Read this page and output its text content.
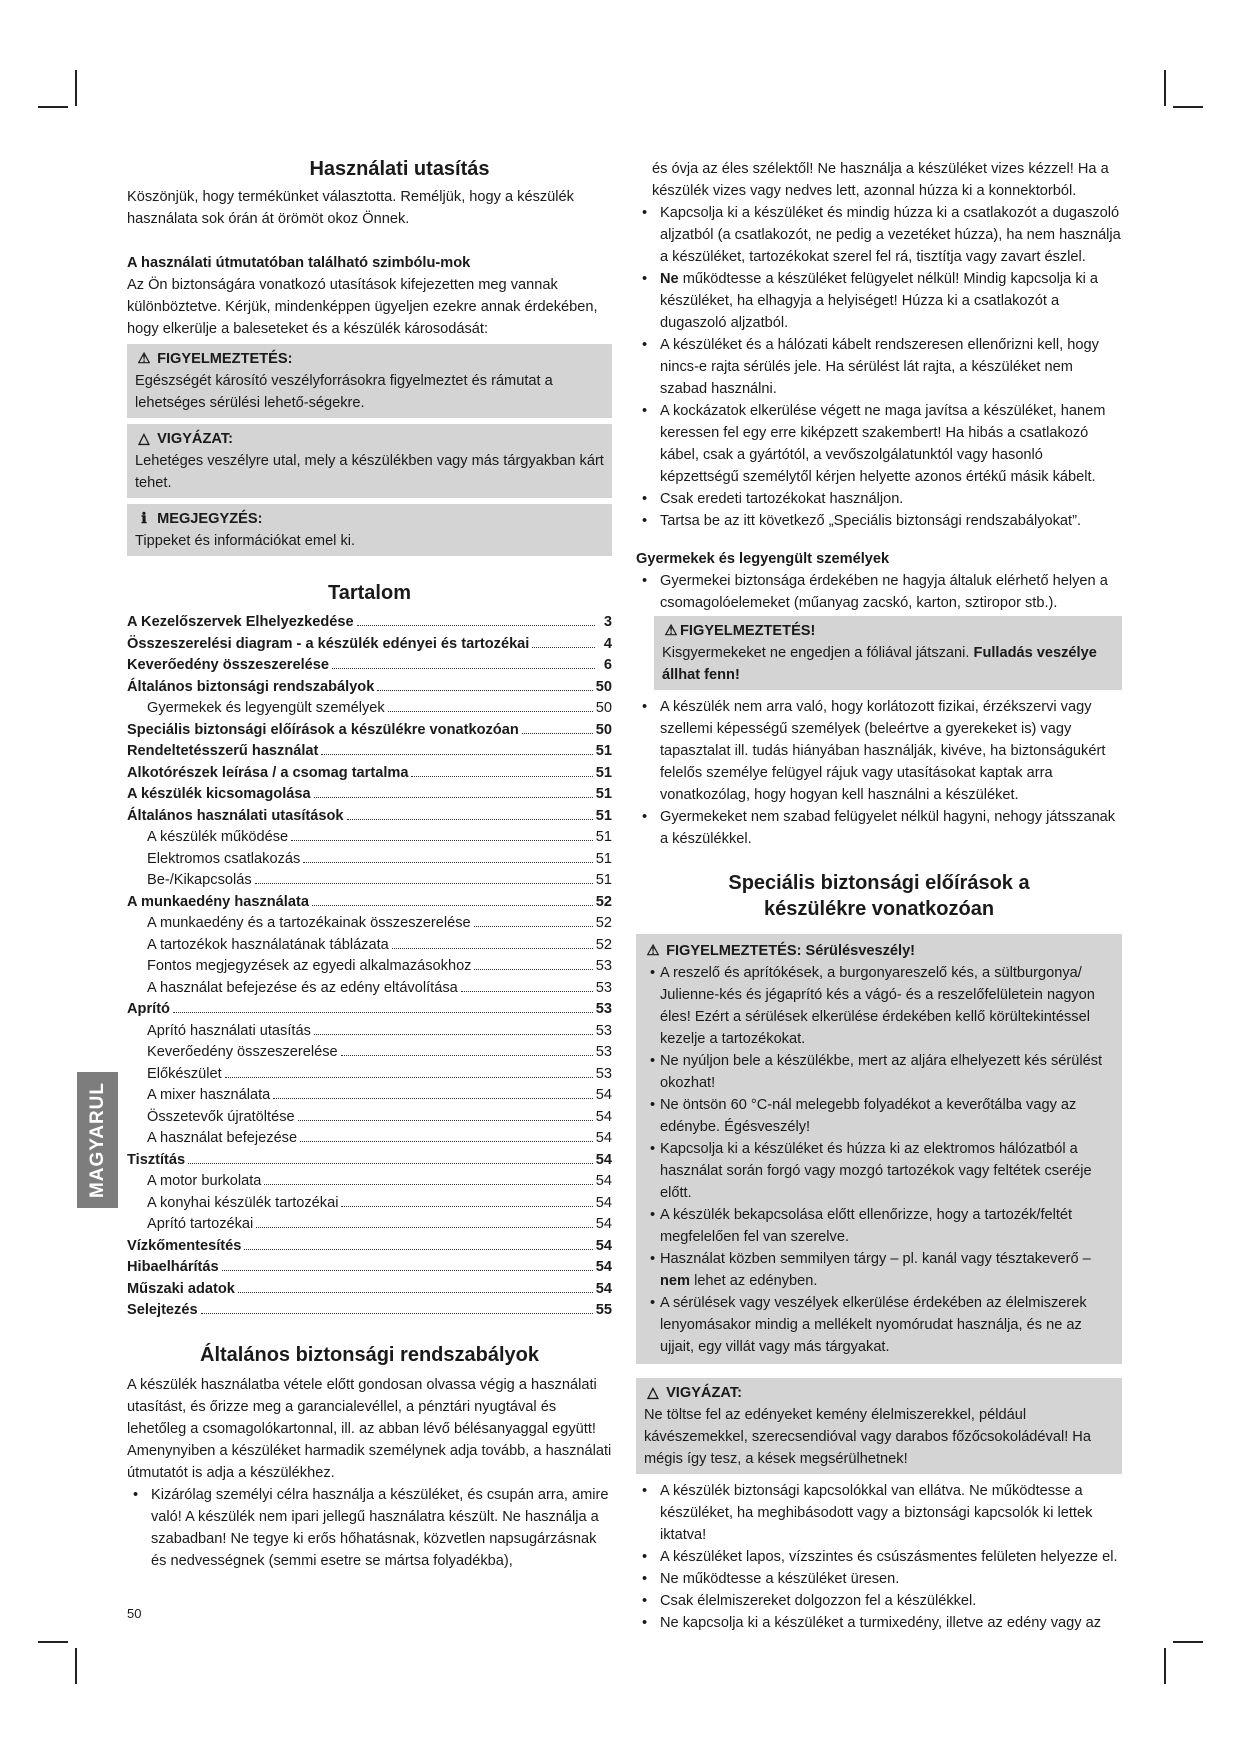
MAGYARUL
Használati utasítás

Köszönjük, hogy termékünket választotta. Reméljük, hogy a készülék használata sok órán át örömöt okoz Önnek.

A használati útmutatóban található szimbólu-mok

Az Ön biztonságára vonatkozó utasítások kifejezetten meg vannak különböztetve. Kérjük, mindenképpen ügyeljen ezekre annak érdekében, hogy elkerülje a baleseteket és a készülék károsodását:

⚠ FIGYELMEZTETÉS:
Egészségét károsító veszélyforrásokra figyelmeztet és rámutat a lehetséges sérülési lehető-ségekre.
△ VIGYÁZAT:
Lehetéges veszélyre utal, mely a készülékben vagy más tárgyakban kárt tehet.
ℹ MEGJEGYZÉS:
Tippeket és információkat emel ki.
Tartalom
A Kezelőszervek Elhelyezkedése	3
Összeszerelési diagram - a készülék edényei és tartozékai	4
Keverőedény összeszerelése	6
Általános biztonsági rendszabályok	50
Gyermekek és legyengült személyek	50
Speciális biztonsági előírások a készülékre vonatkozóan	50
Rendeltetésszerű használat	51
Alkotórészek leírása / a csomag tartalma	51
A készülék kicsomagolása	51
Általános használati utasítások	51
A készülék működése	51
Elektromos csatlakozás	51
Be-/Kikapcsolás	51
A munkaedény használata	52
A munkaedény és a tartozékainak összeszerelése	52
A tartozékok használatának táblázata	52
Fontos megjegyzések az egyedi alkalmazásokhoz	53
A használat befejezése és az edény eltávolítása	53
Aprító	53
Aprító használati utasítás	53
Keverőedény összeszerelése	53
Előkészület	53
A mixer használata	54
Összetevők újratöltése	54
A használat befejezése	54
Tisztítás	54
A motor burkolata	54
A konyhai készülék tartozékai	54
Aprító tartozékai	54
Vízkőmentesítés	54
Hibaelhárítás	54
Műszaki adatok	54
Selejtezés	55
Általános biztonsági rendszabályok

A készülék használatba vétele előtt gondosan olvassa végig a használati utasítást, és őrizze meg a garancialevéllel, a pénztári nyugtával és lehetőleg a csomagolókartonnal, ill. az abban lévő bélésanyaggal együtt! Amenynyiben a készüléket harmadik személynek adja tovább, a használati útmutatót is adja a készülékhez.

• Kizárólag személyi célra használja a készüléket, és csupán arra, amire való! A készülék nem ipari jellegű használatra készült. Ne használja a szabadban! Ne tegye ki erős hőhatásnak, közvetlen napsugárzásnak és nedvességnek (semmi esetre se mártsa folyadékba),

és óvja az éles szélektől! Ne használja a készüléket vizes kézzel! Ha a készülék vizes vagy nedves lett, azonnal húzza ki a konnektorból.

• Kapcsolja ki a készüléket és mindig húzza ki a csatlakozót a dugaszoló aljzatból (a csatlakozót, ne pedig a vezetéket húzza), ha nem használja a készüléket, tartozékokat szerel fel rá, tisztítja vagy zavart észlel.

• Ne működtesse a készüléket felügyelet nélkül! Mindig kapcsolja ki a készüléket, ha elhagyja a helyiséget! Húzza ki a csatlakozót a dugaszoló aljzatból.

• A készüléket és a hálózati kábelt rendszeresen ellenőrizni kell, hogy nincs-e rajta sérülés jele. Ha sérülést lát rajta, a készüléket nem szabad használni.

• A kockázatok elkerülése végett ne maga javítsa a készüléket, hanem keressen fel egy erre kiképzett szakembert! Ha hibás a csatlakozó kábel, csak a gyártótól, a vevőszolgálatunktól vagy hasonló képzettségű személytől kérjen helyette azonos értékű másik kábelt.

• Csak eredeti tartozékokat használjon.

• Tartsa be az itt következő „Speciális biztonsági rendszabályokat”.

Gyermekek és legyengült személyek

• Gyermekei biztonsága érdekében ne hagyja általuk elérhető helyen a csomagolóelemeket (műanyag zacskó, karton, sztiropor stb.).

⚠ FIGYELMEZTETÉS!
Kisgyermekeket ne engedjen a fóliával játszani. Fulladás veszélye állhat fenn!

• A készülék nem arra való, hogy korlátozott fizikai, érzékszervi vagy szellemi képességű személyek (beleértve a gyerekeket is) vagy tapasztalat ill. tudás hiányában használják, kivéve, ha biztonságukért felelős személye felügyel rájuk vagy utasításokat kaptak arra vonatkozólag, hogy hogyan kell használni a készüléket.

• Gyermekeket nem szabad felügyelet nélkül hagyni, nehogy játsszanak a készülékkel.

Speciális biztonsági előírások a készülékre vonatkozóan
⚠ FIGYELMEZTETÉS: Sérülésveszély!

• A reszelő és aprítókések, a burgonyareszelő kés, a sültburgonya/ Julienne-kés és jégaprító kés a vágó- és a reszelőfelületein nagyon éles! Ezért a sérülések elkerülése érdekében kellő körültekintéssel kezelje a tartozékokat.

• Ne nyúljon bele a készülékbe, mert az aljára elhelyezett kés sérülést okozhat!

• Ne öntsön 60 °C-nál melegebb folyadékot a keverőtálba vagy az edénybe. Égésveszély!

• Kapcsolja ki a készüléket és húzza ki az elektromos hálózatból a használat során forgó vagy mozgó tartozékok vagy feltétek cseréje előtt.

• A készülék bekapcsolása előtt ellenőrizze, hogy a tartozék/feltét megfelelően fel van szerelve.

• Használat közben semmilyen tárgy – pl. kanál vagy tésztakeverő –
nem lehet az edényben.

• A sérülések vagy veszélyek elkerülése érdekében az élelmiszerek lenyomásakor mindig a mellékelt nyomórudat használja, és ne az ujjait, egy villát vagy más tárgyakat.

△ VIGYÁZAT:
Ne töltse fel az edényeket kemény élelmiszerekkel, például kávészemekkel, szerecsendióval vagy darabos főzőcsokoládéval! Ha mégis így tesz, a kések megsérülhetnek!

• A készülék biztonsági kapcsolókkal van ellátva. Ne működtesse a készüléket, ha meghibásodott vagy a biztonsági kapcsolók ki lettek iktatva!

• A készüléket lapos, vízszintes és csúszásmentes felületen helyezze el.

• Ne működtesse a készüléket üresen.

• Csak élelmiszereket dolgozzon fel a készülékkel.

• Ne kapcsolja ki a készüléket a turmixedény, illetve az edény vagy az

50
